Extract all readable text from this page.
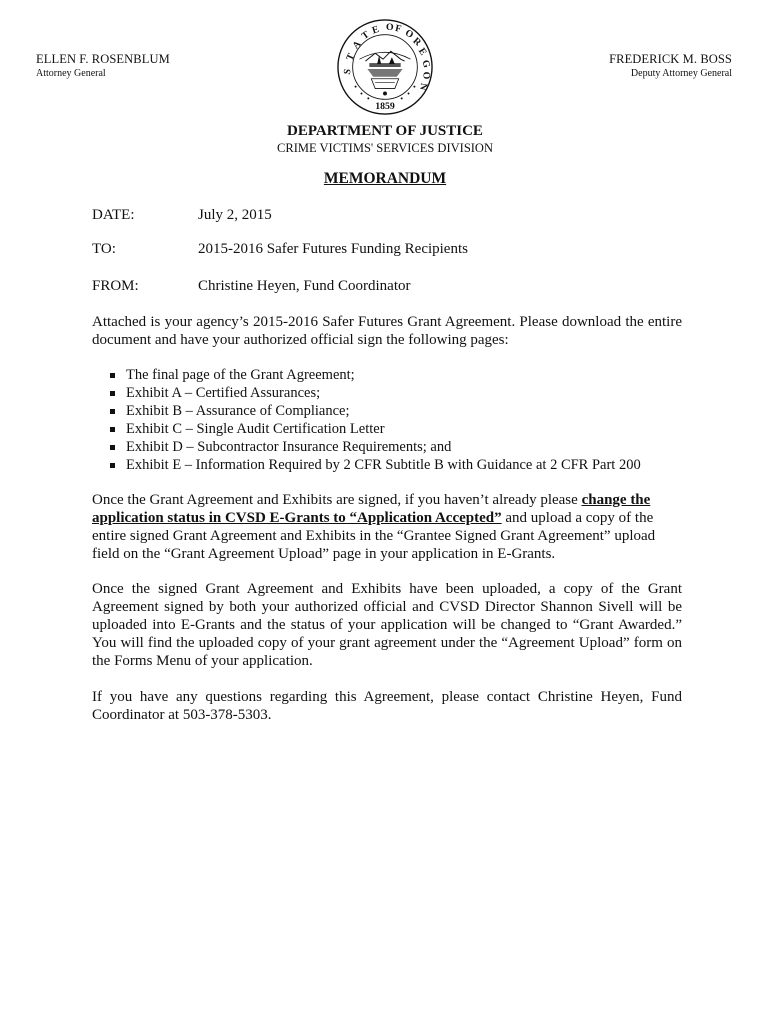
ELLEN F. ROSENBLUM
Attorney General
FREDERICK M. BOSS
Deputy Attorney General
S
T
A
T E O F O
R
E
G
O
N
1859
DEPARTMENT OF JUSTICE
CRIME VICTIMS' SERVICES DIVISION
MEMORANDUM
DATE:	July 2, 2015
TO:	2015-2016 Safer Futures Funding Recipients
FROM:	Christine Heyen, Fund Coordinator
Attached is your agency’s 2015-2016 Safer Futures Grant Agreement. Please download the entire document and have your authorized official sign the following pages:
The final page of the Grant Agreement;
Exhibit A – Certified Assurances;
Exhibit B – Assurance of Compliance;
Exhibit C – Single Audit Certification Letter
Exhibit D – Subcontractor Insurance Requirements; and
Exhibit E – Information Required by 2 CFR Subtitle B with Guidance at 2 CFR Part 200
Once the Grant Agreement and Exhibits are signed, if you haven’t already please change the application status in CVSD E-Grants to “Application Accepted” and upload a copy of the entire signed Grant Agreement and Exhibits in the “Grantee Signed Grant Agreement” upload field on the “Grant Agreement Upload” page in your application in E-Grants.
Once the signed Grant Agreement and Exhibits have been uploaded, a copy of the Grant Agreement signed by both your authorized official and CVSD Director Shannon Sivell will be uploaded into E-Grants and the status of your application will be changed to “Grant Awarded.” You will find the uploaded copy of your grant agreement under the “Agreement Upload” form on the Forms Menu of your application.
If you have any questions regarding this Agreement, please contact Christine Heyen, Fund Coordinator at 503-378-5303.
